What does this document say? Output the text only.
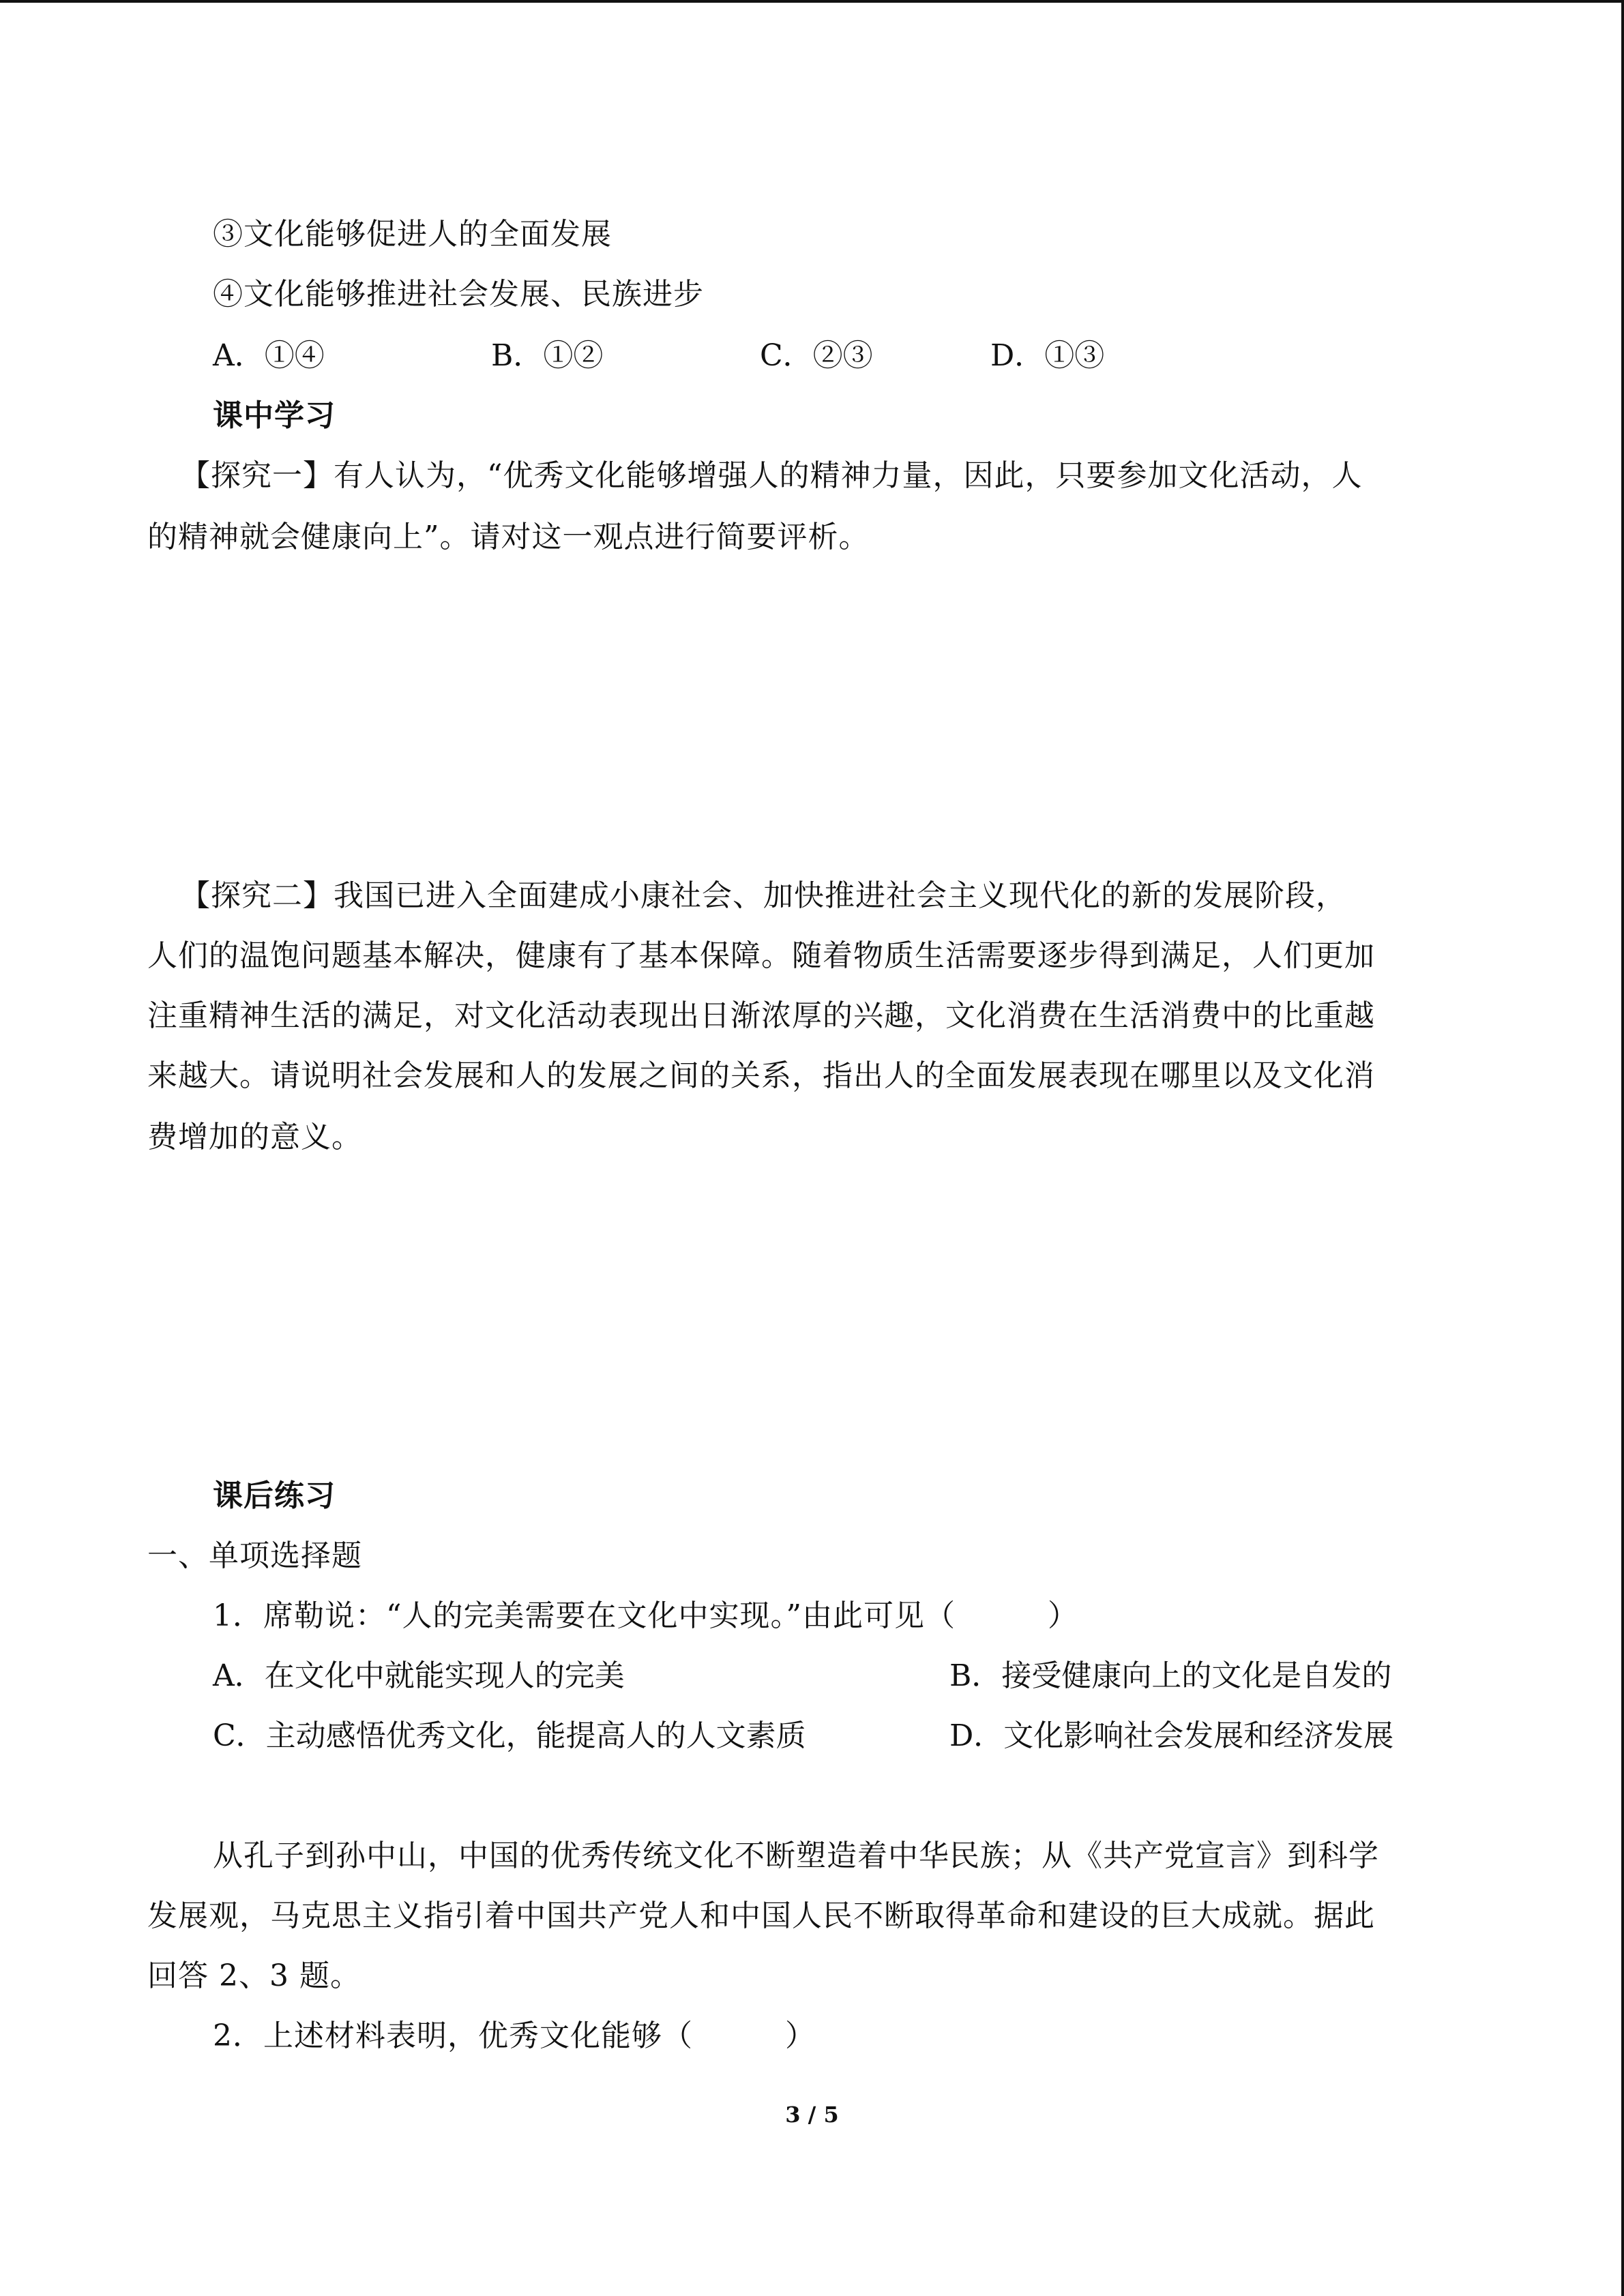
③文化能够促进人的全面发展
④文化能够推进社会发展、民族进步
A．①④	B．①②	C．②③	D．①③
课中学习
【探究一】有人认为，“优秀文化能够增强人的精神力量，因此，只要参加文化活动，人
的精神就会健康向上”。请对这一观点进行简要评析。
【探究二】我国已进入全面建成小康社会、加快推进社会主义现代化的新的发展阶段，
人们的温饱问题基本解决，健康有了基本保障。随着物质生活需要逐步得到满足，人们更加
注重精神生活的满足，对文化活动表现出日渐浓厚的兴趣，文化消费在生活消费中的比重越
来越大。请说明社会发展和人的发展之间的关系，指出人的全面发展表现在哪里以及文化消
费增加的意义。
课后练习
一、单项选择题
1．席勒说：“人的完美需要在文化中实现。”由此可见（　　　）
A．在文化中就能实现人的完美	B．接受健康向上的文化是自发的
C．主动感悟优秀文化，能提高人的人文素质	D．文化影响社会发展和经济发展
从孔子到孙中山，中国的优秀传统文化不断塑造着中华民族；从《共产党宣言》到科学
发展观，马克思主义指引着中国共产党人和中国人民不断取得革命和建设的巨大成就。据此
回答 2、3 题。
2．上述材料表明，优秀文化能够（　　　）
3 / 5
